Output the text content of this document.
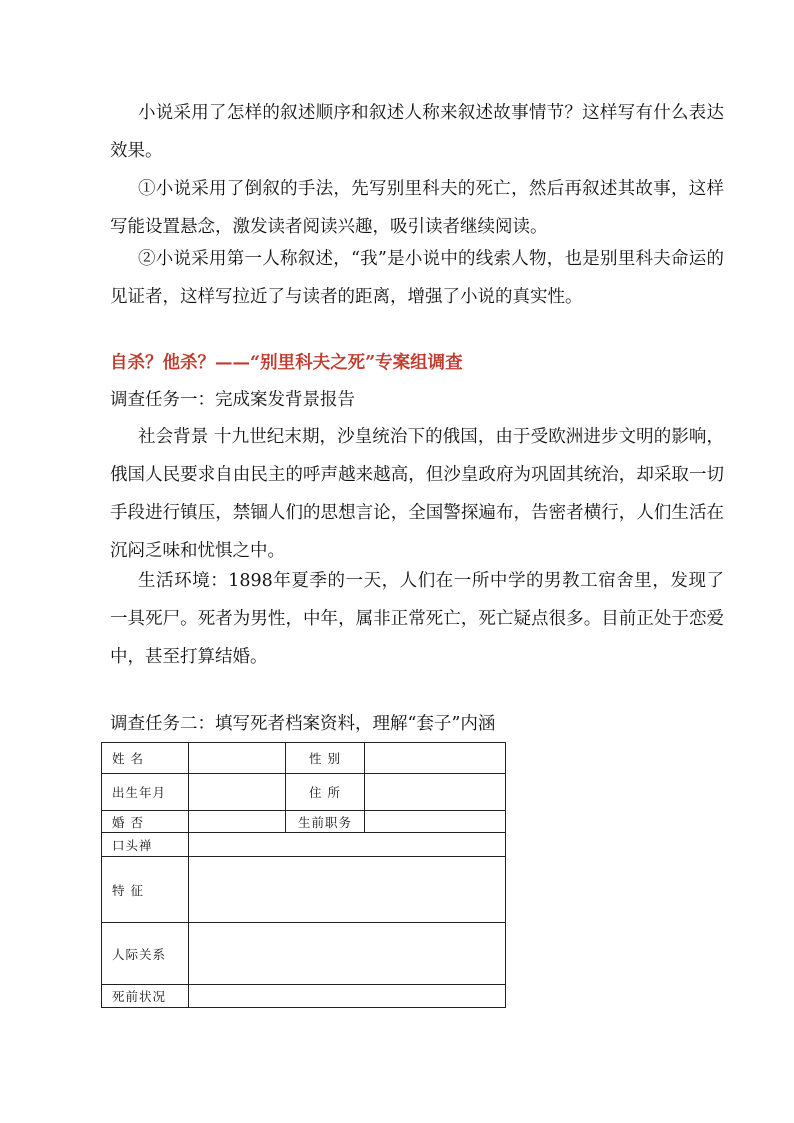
小说采用了怎样的叙述顺序和叙述人称来叙述故事情节？这样写有什么表达效果。

①小说采用了倒叙的手法，先写别里科夫的死亡，然后再叙述其故事，这样写能设置悬念，激发读者阅读兴趣，吸引读者继续阅读。

②小说采用第一人称叙述，“我”是小说中的线索人物，也是别里科夫命运的见证者，这样写拉近了与读者的距离，增强了小说的真实性。

自杀？他杀？——“别里科夫之死”专案组调查

调查任务一：完成案发背景报告

社会背景 十九世纪末期，沙皇统治下的俄国，由于受欧洲进步文明的影响，俄国人民要求自由民主的呼声越来越高，但沙皇政府为巩固其统治，却采取一切手段进行镇压，禁锢人们的思想言论，全国警探遍布，告密者横行，人们生活在沉闷乏味和忧惧之中。

生活环境：1898年夏季的一天，人们在一所中学的男教工宿舍里，发现了一具死尸。死者为男性，中年，属非正常死亡，死亡疑点很多。目前正处于恋爱中，甚至打算结婚。

调查任务二：填写死者档案资料，理解“套子”内涵

姓 名		性 别	
出生年月		住 所	
婚 否		生前职务	
口头禅			
特 征			
人际关系			
死前状况			
